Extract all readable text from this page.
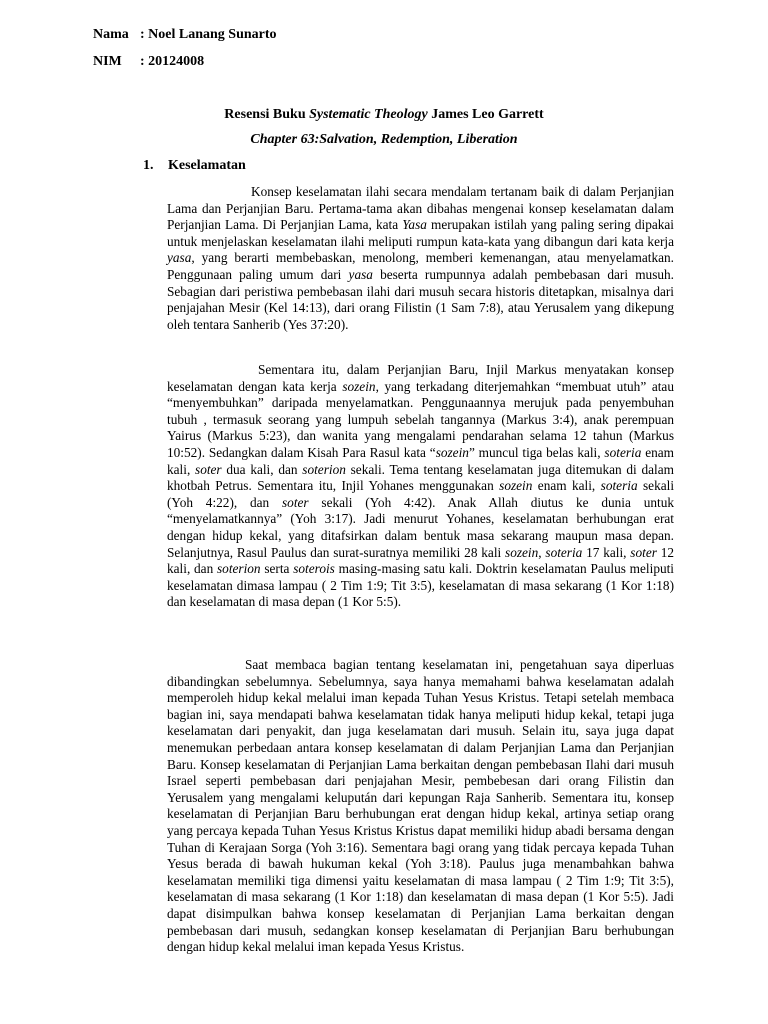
Nama : Noel Lanang Sunarto
NIM : 20124008
Resensi Buku Systematic Theology James Leo Garrett
Chapter 63:Salvation, Redemption, Liberation
1. Keselamatan
Konsep keselamatan ilahi secara mendalam tertanam baik di dalam Perjanjian Lama dan Perjanjian Baru. Pertama-tama akan dibahas mengenai konsep keselamatan dalam Perjanjian Lama. Di Perjanjian Lama, kata Yasa merupakan istilah yang paling sering dipakai untuk menjelaskan keselamatan ilahi meliputi rumpun kata-kata yang dibangun dari kata kerja yasa, yang berarti membebaskan, menolong, memberi kemenangan, atau menyelamatkan. Penggunaan paling umum dari yasa beserta rumpunnya adalah pembebasan dari musuh. Sebagian dari peristiwa pembebasan ilahi dari musuh secara historis ditetapkan, misalnya dari penjajahan Mesir (Kel 14:13), dari orang Filistin (1 Sam 7:8), atau Yerusalem yang dikepung oleh tentara Sanherib (Yes 37:20).
Sementara itu, dalam Perjanjian Baru, Injil Markus menyatakan konsep keselamatan dengan kata kerja sozein, yang terkadang diterjemahkan “membuat utuh” atau “menyembuhkan” daripada menyelamatkan. Penggunaannya merujuk pada penyembuhan tubuh , termasuk seorang yang lumpuh sebelah tangannya (Markus 3:4), anak perempuan Yairus (Markus 5:23), dan wanita yang mengalami pendarahan selama 12 tahun (Markus 10:52). Sedangkan dalam Kisah Para Rasul kata “sozein” muncul tiga belas kali, soteria enam kali, soter dua kali, dan soterion sekali. Tema tentang keselamatan juga ditemukan di dalam khotbah Petrus. Sementara itu, Injil Yohanes menggunakan sozein enam kali, soteria sekali (Yoh 4:22), dan soter sekali (Yoh 4:42). Anak Allah diutus ke dunia untuk “menyelamatkannya” (Yoh 3:17). Jadi menurut Yohanes, keselamatan berhubungan erat dengan hidup kekal, yang ditafsirkan dalam bentuk masa sekarang maupun masa depan. Selanjutnya, Rasul Paulus dan surat-suratnya memiliki 28 kali sozein, soteria 17 kali, soter 12 kali, dan soterion serta soterois masing-masing satu kali. Doktrin keselamatan Paulus meliputi keselamatan dimasa lampau ( 2 Tim 1:9; Tit 3:5), keselamatan di masa sekarang (1 Kor 1:18) dan keselamatan di masa depan (1 Kor 5:5).
Saat membaca bagian tentang keselamatan ini, pengetahuan saya diperluas dibandingkan sebelumnya. Sebelumnya, saya hanya memahami bahwa keselamatan adalah memperoleh hidup kekal melalui iman kepada Tuhan Yesus Kristus. Tetapi setelah membaca bagian ini, saya mendapati bahwa keselamatan tidak hanya meliputi hidup kekal, tetapi juga keselamatan dari penyakit, dan juga keselamatan dari musuh. Selain itu, saya juga dapat menemukan perbedaan antara konsep keselamatan di dalam Perjanjian Lama dan Perjanjian Baru. Konsep keselamatan di Perjanjian Lama berkaitan dengan pembebasan Ilahi dari musuh Israel seperti pembebasan dari penjajahan Mesir, pembebesan dari orang Filistin dan Yerusalem yang mengalami kelupután dari kepungan Raja Sanherib. Sementara itu, konsep keselamatan di Perjanjian Baru berhubungan erat dengan hidup kekal, artinya setiap orang yang percaya kepada Tuhan Yesus Kristus Kristus dapat memiliki hidup abadi bersama dengan Tuhan di Kerajaan Sorga (Yoh 3:16). Sementara bagi orang yang tidak percaya kepada Tuhan Yesus berada di bawah hukuman kekal (Yoh 3:18). Paulus juga menambahkan bahwa keselamatan memiliki tiga dimensi yaitu keselamatan di masa lampau ( 2 Tim 1:9; Tit 3:5), keselamatan di masa sekarang (1 Kor 1:18) dan keselamatan di masa depan (1 Kor 5:5). Jadi dapat disimpulkan bahwa konsep keselamatan di Perjanjian Lama berkaitan dengan pembebasan dari musuh, sedangkan konsep keselamatan di Perjanjian Baru berhubungan dengan hidup kekal melalui iman kepada Yesus Kristus.
